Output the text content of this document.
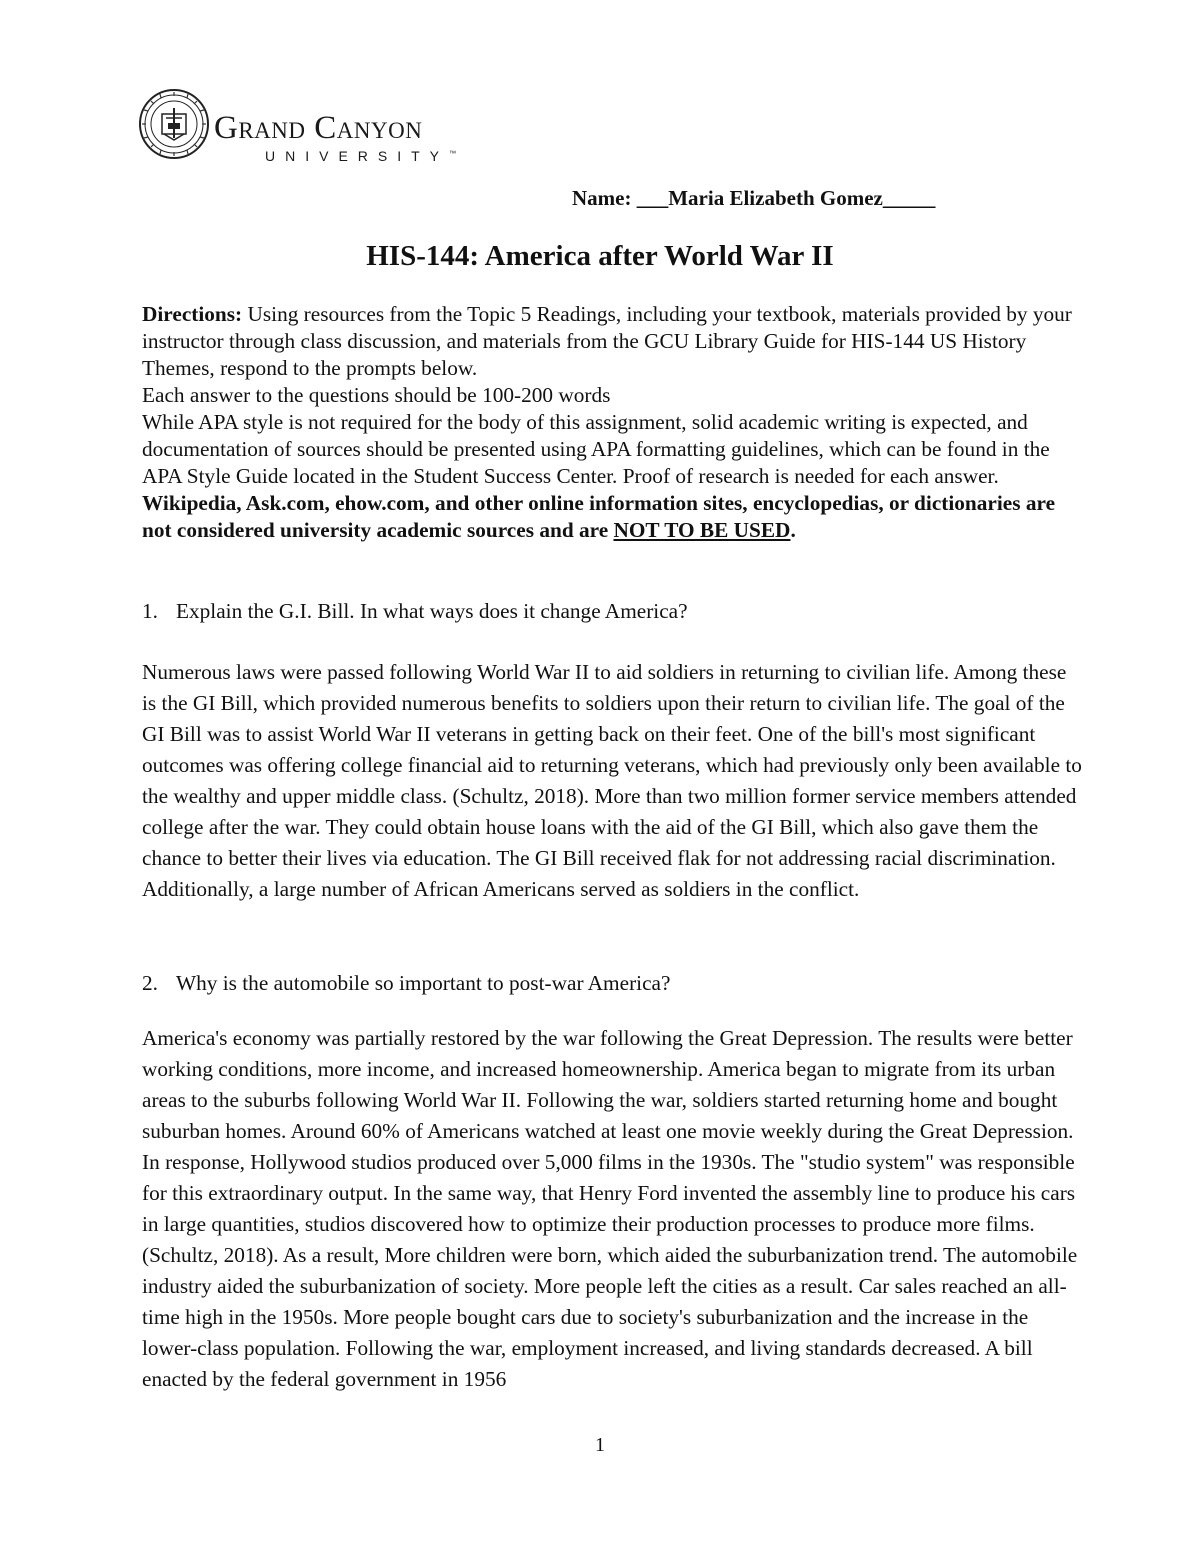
Grand Canyon
UNIVERSITY™
Name: ___Maria Elizabeth Gomez_____
HIS-144: America after World War II

Directions: Using resources from the Topic 5 Readings, including your textbook, materials provided by your instructor through class discussion, and materials from the GCU Library Guide for HIS-144 US History Themes, respond to the prompts below.

Each answer to the questions should be 100-200 words

While APA style is not required for the body of this assignment, solid academic writing is expected, and documentation of sources should be presented using APA formatting guidelines, which can be found in the APA Style Guide located in the Student Success Center. Proof of research is needed for each answer.

Wikipedia, Ask.com, ehow.com, and other online information sites, encyclopedias, or dictionaries are not considered university academic sources and are NOT TO BE USED.

1. Explain the G.I. Bill. In what ways does it change America?

Numerous laws were passed following World War II to aid soldiers in returning to civilian life. Among these is the GI Bill, which provided numerous benefits to soldiers upon their return to civilian life. The goal of the GI Bill was to assist World War II veterans in getting back on their feet. One of the bill's most significant outcomes was offering college financial aid to returning veterans, which had previously only been available to the wealthy and upper middle class. (Schultz, 2018). More than two million former service members attended college after the war. They could obtain house loans with the aid of the GI Bill, which also gave them the chance to better their lives via education. The GI Bill received flak for not addressing racial discrimination. Additionally, a large number of African Americans served as soldiers in the conflict.

2. Why is the automobile so important to post-war America?

America's economy was partially restored by the war following the Great Depression. The results were better working conditions, more income, and increased homeownership. America began to migrate from its urban areas to the suburbs following World War II. Following the war, soldiers started returning home and bought suburban homes. Around 60% of Americans watched at least one movie weekly during the Great Depression. In response, Hollywood studios produced over 5,000 films in the 1930s. The "studio system" was responsible for this extraordinary output. In the same way, that Henry Ford invented the assembly line to produce his cars in large quantities, studios discovered how to optimize their production processes to produce more films. (Schultz, 2018). As a result, More children were born, which aided the suburbanization trend. The automobile industry aided the suburbanization of society. More people left the cities as a result. Car sales reached an all-time high in the 1950s. More people bought cars due to society's suburbanization and the increase in the lower-class population. Following the war, employment increased, and living standards decreased. A bill enacted by the federal government in 1956

1
